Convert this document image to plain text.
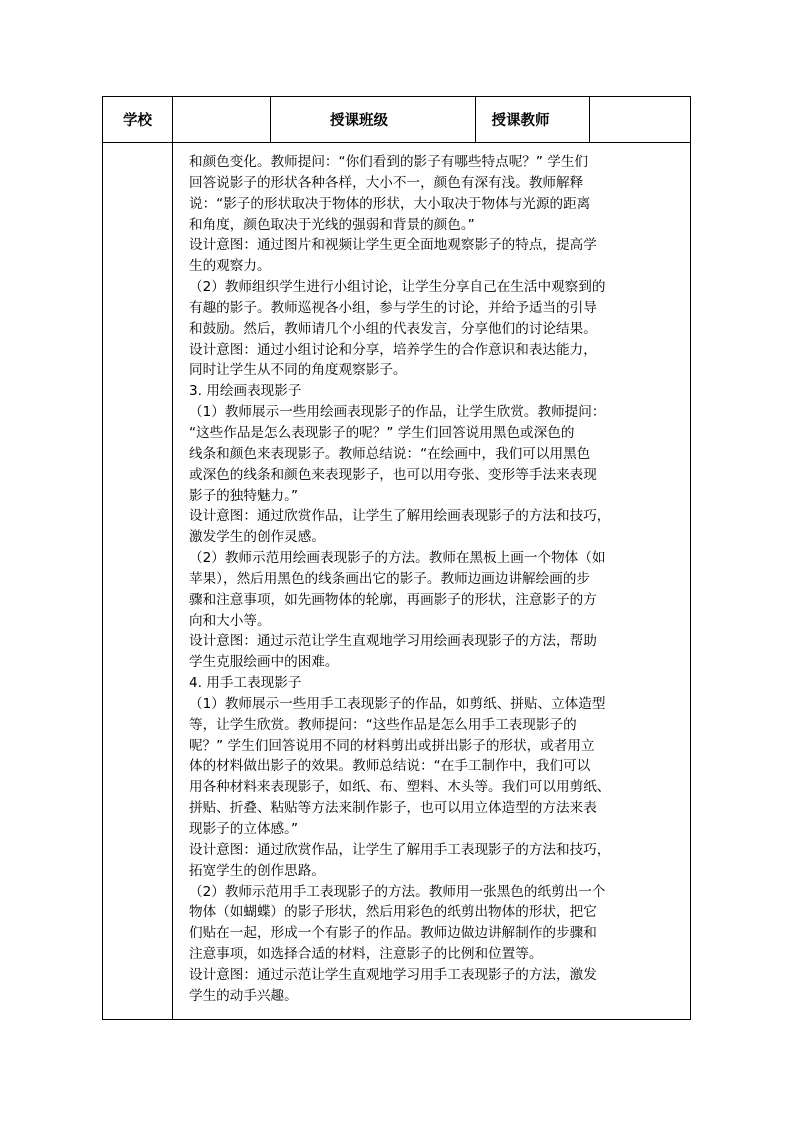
学校	授课班级	授课教师

和颜色变化。教师提问：“你们看到的影子有哪些特点呢？” 学生们

回答说影子的形状各种各样，大小不一，颜色有深有浅。教师解释

说：“影子的形状取决于物体的形状，大小取决于物体与光源的距离

和角度，颜色取决于光线的强弱和背景的颜色。”

设计意图：通过图片和视频让学生更全面地观察影子的特点，提高学

生的观察力。

（2）教师组织学生进行小组讨论，让学生分享自己在生活中观察到的

有趣的影子。教师巡视各小组，参与学生的讨论，并给予适当的引导

和鼓励。然后，教师请几个小组的代表发言，分享他们的讨论结果。

设计意图：通过小组讨论和分享，培养学生的合作意识和表达能力，

同时让学生从不同的角度观察影子。

3. 用绘画表现影子

（1）教师展示一些用绘画表现影子的作品，让学生欣赏。教师提问：

“这些作品是怎么表现影子的呢？” 学生们回答说用黑色或深色的

线条和颜色来表现影子。教师总结说：“在绘画中，我们可以用黑色

或深色的线条和颜色来表现影子，也可以用夸张、变形等手法来表现

影子的独特魅力。”

设计意图：通过欣赏作品，让学生了解用绘画表现影子的方法和技巧，

激发学生的创作灵感。

（2）教师示范用绘画表现影子的方法。教师在黑板上画一个物体（如

苹果），然后用黑色的线条画出它的影子。教师边画边讲解绘画的步

骤和注意事项，如先画物体的轮廓，再画影子的形状，注意影子的方

向和大小等。

设计意图：通过示范让学生直观地学习用绘画表现影子的方法，帮助

学生克服绘画中的困难。

4. 用手工表现影子

（1）教师展示一些用手工表现影子的作品，如剪纸、拼贴、立体造型

等，让学生欣赏。教师提问：“这些作品是怎么用手工表现影子的

呢？” 学生们回答说用不同的材料剪出或拼出影子的形状，或者用立

体的材料做出影子的效果。教师总结说：“在手工制作中，我们可以

用各种材料来表现影子，如纸、布、塑料、木头等。我们可以用剪纸、

拼贴、折叠、粘贴等方法来制作影子，也可以用立体造型的方法来表

现影子的立体感。”

设计意图：通过欣赏作品，让学生了解用手工表现影子的方法和技巧，

拓宽学生的创作思路。

（2）教师示范用手工表现影子的方法。教师用一张黑色的纸剪出一个

物体（如蝴蝶）的影子形状，然后用彩色的纸剪出物体的形状，把它

们贴在一起，形成一个有影子的作品。教师边做边讲解制作的步骤和

注意事项，如选择合适的材料，注意影子的比例和位置等。

设计意图：通过示范让学生直观地学习用手工表现影子的方法，激发

学生的动手兴趣。
